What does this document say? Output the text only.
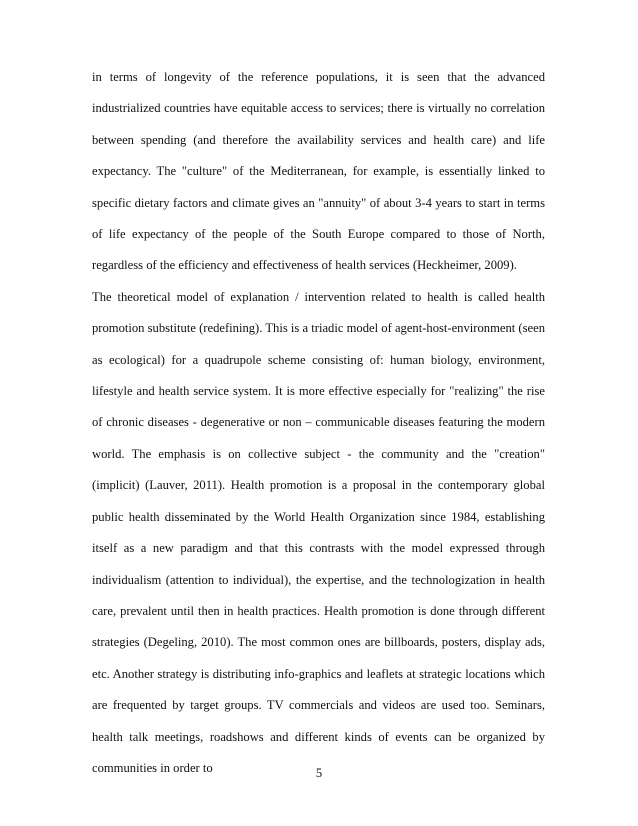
in terms of longevity of the reference populations, it is seen that the advanced industrialized countries have equitable access to services; there is virtually no correlation between spending (and therefore the availability services and health care) and life expectancy. The "culture" of the Mediterranean, for example, is essentially linked to specific dietary factors and climate gives an "annuity" of about 3-4 years to start in terms of life expectancy of the people of the South Europe compared to those of North, regardless of the efficiency and effectiveness of health services (Heckheimer, 2009).

The theoretical model of explanation / intervention related to health is called health promotion substitute (redefining). This is a triadic model of agent-host-environment (seen as ecological) for a quadrupole scheme consisting of: human biology, environment, lifestyle and health service system. It is more effective especially for "realizing" the rise of chronic diseases - degenerative or non – communicable diseases featuring the modern world. The emphasis is on collective subject - the community and the "creation" (implicit) (Lauver, 2011). Health promotion is a proposal in the contemporary global public health disseminated by the World Health Organization since 1984, establishing itself as a new paradigm and that this contrasts with the model expressed through individualism (attention to individual), the expertise, and the technologization in health care, prevalent until then in health practices. Health promotion is done through different strategies (Degeling, 2010). The most common ones are billboards, posters, display ads, etc. Another strategy is distributing info-graphics and leaflets at strategic locations which are frequented by target groups. TV commercials and videos are used too. Seminars, health talk meetings, roadshows and different kinds of events can be organized by communities in order to	5
